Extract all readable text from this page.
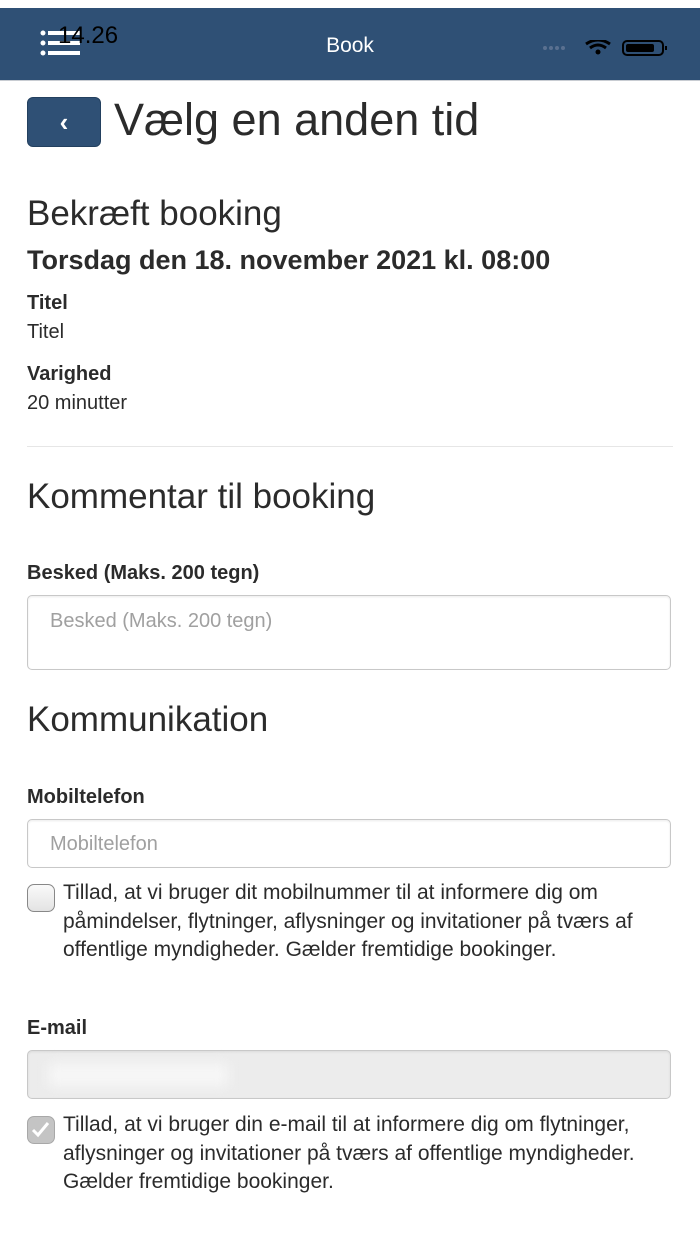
14.26	Book
‹ Vælg en anden tid
Bekræft booking
Torsdag den 18. november 2021 kl. 08:00
Titel
Titel
Varighed
20 minutter
Kommentar til booking
Besked (Maks. 200 tegn)
Besked (Maks. 200 tegn)
Kommunikation
Mobiltelefon
Mobiltelefon
Tillad, at vi bruger dit mobilnummer til at informere dig om påmindelser, flytninger, aflysninger og invitationer på tværs af offentlige myndigheder. Gælder fremtidige bookinger.
E-mail
Tillad, at vi bruger din e-mail til at informere dig om flytninger, aflysninger og invitationer på tværs af offentlige myndigheder. Gælder fremtidige bookinger.
